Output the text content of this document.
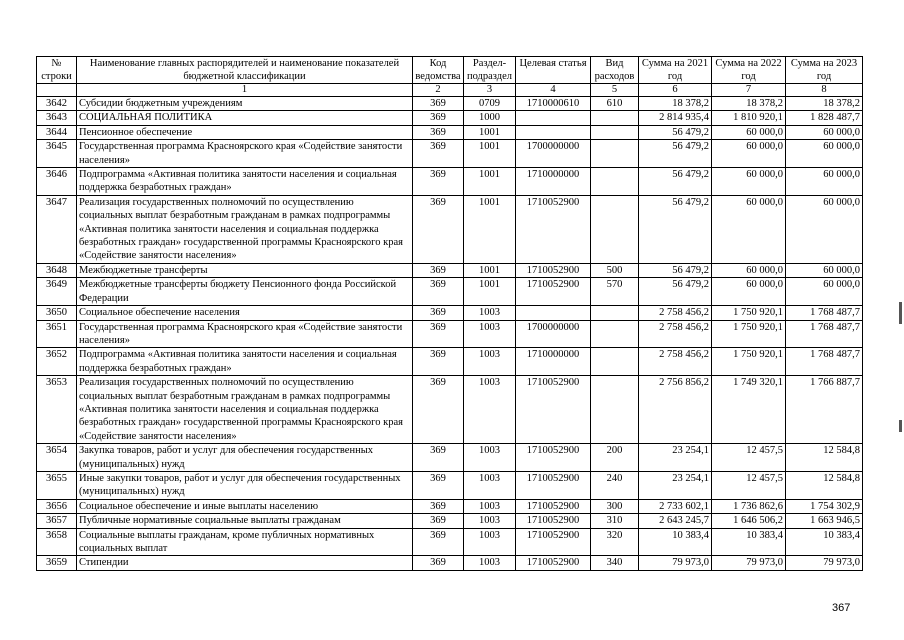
№ строки	Наименование главных распорядителей и наименование показателей бюджетной классификации	Код ведомства	Раздел-подраздел	Целевая статья	Вид расходов	Сумма на 2021 год	Сумма на 2022 год	Сумма на 2023 год
	1	2	3	4	5	6	7	8
3642	Субсидии бюджетным учреждениям	369	0709	1710000610	610	18 378,2	18 378,2	18 378,2
3643	СОЦИАЛЬНАЯ ПОЛИТИКА	369	1000			2 814 935,4	1 810 920,1	1 828 487,7
3644	Пенсионное обеспечение	369	1001			56 479,2	60 000,0	60 000,0
3645	Государственная программа Красноярского края «Содействие занятости населения»	369	1001	1700000000		56 479,2	60 000,0	60 000,0
3646	Подпрограмма «Активная политика занятости населения и социальная поддержка безработных граждан»	369	1001	1710000000		56 479,2	60 000,0	60 000,0
3647	Реализация государственных полномочий по осуществлению социальных выплат безработным гражданам в рамках подпрограммы «Активная политика занятости населения и социальная поддержка безработных граждан» государственной программы Красноярского края «Содействие занятости населения»	369	1001	1710052900		56 479,2	60 000,0	60 000,0
3648	Межбюджетные трансферты	369	1001	1710052900	500	56 479,2	60 000,0	60 000,0
3649	Межбюджетные трансферты бюджету Пенсионного фонда Российской Федерации	369	1001	1710052900	570	56 479,2	60 000,0	60 000,0
3650	Социальное обеспечение населения	369	1003			2 758 456,2	1 750 920,1	1 768 487,7
3651	Государственная программа Красноярского края «Содействие занятости населения»	369	1003	1700000000		2 758 456,2	1 750 920,1	1 768 487,7
3652	Подпрограмма «Активная политика занятости населения и социальная поддержка безработных граждан»	369	1003	1710000000		2 758 456,2	1 750 920,1	1 768 487,7
3653	Реализация государственных полномочий по осуществлению социальных выплат безработным гражданам в рамках подпрограммы «Активная политика занятости населения и социальная поддержка безработных граждан» государственной программы Красноярского края «Содействие занятости населения»	369	1003	1710052900		2 756 856,2	1 749 320,1	1 766 887,7
3654	Закупка товаров, работ и услуг для обеспечения государственных (муниципальных) нужд	369	1003	1710052900	200	23 254,1	12 457,5	12 584,8
3655	Иные закупки товаров, работ и услуг для обеспечения государственных (муниципальных) нужд	369	1003	1710052900	240	23 254,1	12 457,5	12 584,8
3656	Социальное обеспечение и иные выплаты населению	369	1003	1710052900	300	2 733 602,1	1 736 862,6	1 754 302,9
3657	Публичные нормативные социальные выплаты гражданам	369	1003	1710052900	310	2 643 245,7	1 646 506,2	1 663 946,5
3658	Социальные выплаты гражданам, кроме публичных нормативных социальных выплат	369	1003	1710052900	320	10 383,4	10 383,4	10 383,4
3659	Стипендии	369	1003	1710052900	340	79 973,0	79 973,0	79 973,0
367
